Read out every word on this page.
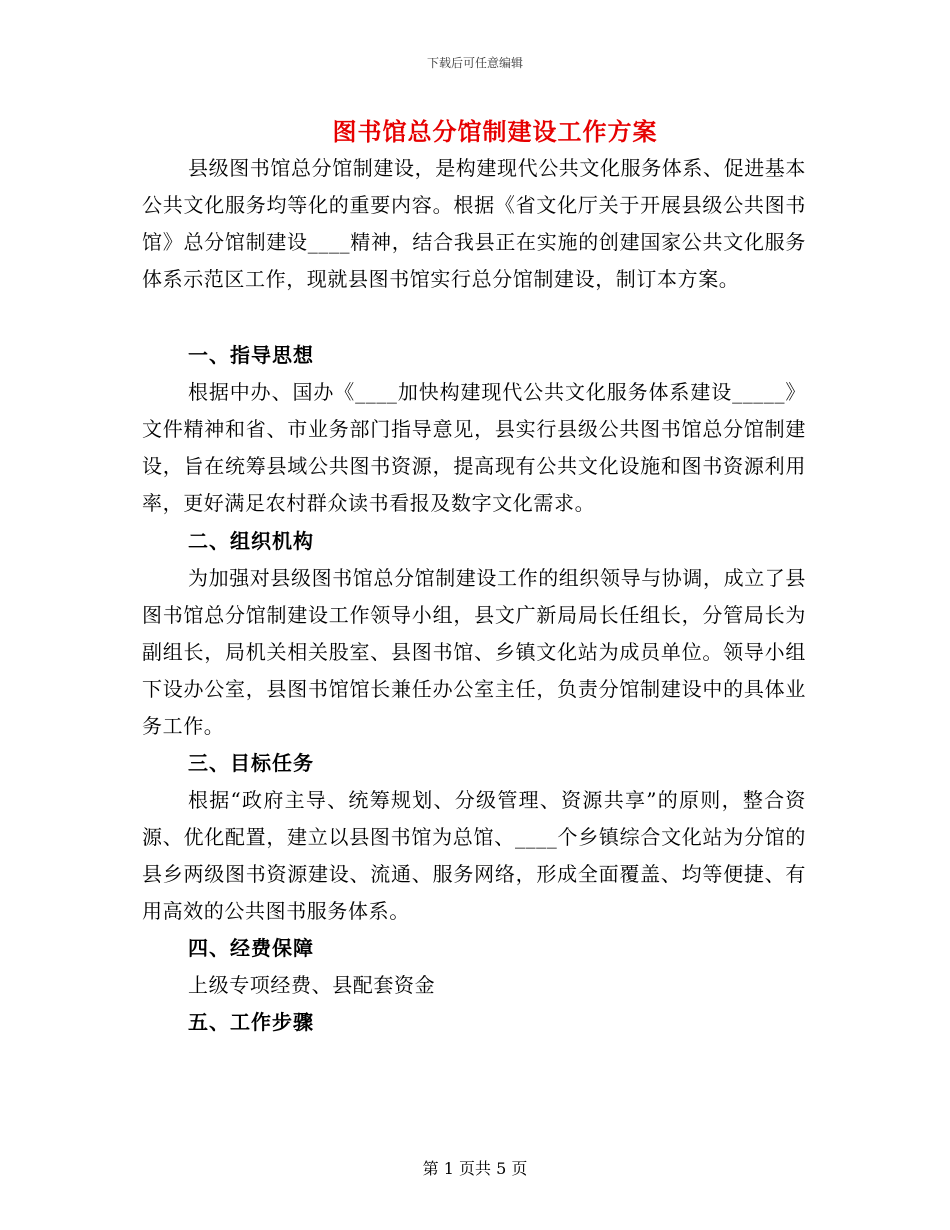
下载后可任意编辑
图书馆总分馆制建设工作方案
县级图书馆总分馆制建设，是构建现代公共文化服务体系、促进基本公共文化服务均等化的重要内容。根据《省文化厅关于开展县级公共图书馆》总分馆制建设____精神，结合我县正在实施的创建国家公共文化服务体系示范区工作，现就县图书馆实行总分馆制建设，制订本方案。
一、指导思想
根据中办、国办《____加快构建现代公共文化服务体系建设_____》文件精神和省、市业务部门指导意见，县实行县级公共图书馆总分馆制建设，旨在统筹县域公共图书资源，提高现有公共文化设施和图书资源利用率，更好满足农村群众读书看报及数字文化需求。
二、组织机构
为加强对县级图书馆总分馆制建设工作的组织领导与协调，成立了县图书馆总分馆制建设工作领导小组，县文广新局局长任组长，分管局长为副组长，局机关相关股室、县图书馆、乡镇文化站为成员单位。领导小组下设办公室，县图书馆馆长兼任办公室主任，负责分馆制建设中的具体业务工作。
三、目标任务
根据“政府主导、统筹规划、分级管理、资源共享”的原则，整合资源、优化配置，建立以县图书馆为总馆、____个乡镇综合文化站为分馆的县乡两级图书资源建设、流通、服务网络，形成全面覆盖、均等便捷、有用高效的公共图书服务体系。
四、经费保障
上级专项经费、县配套资金
五、工作步骤
第 1 页共 5 页
